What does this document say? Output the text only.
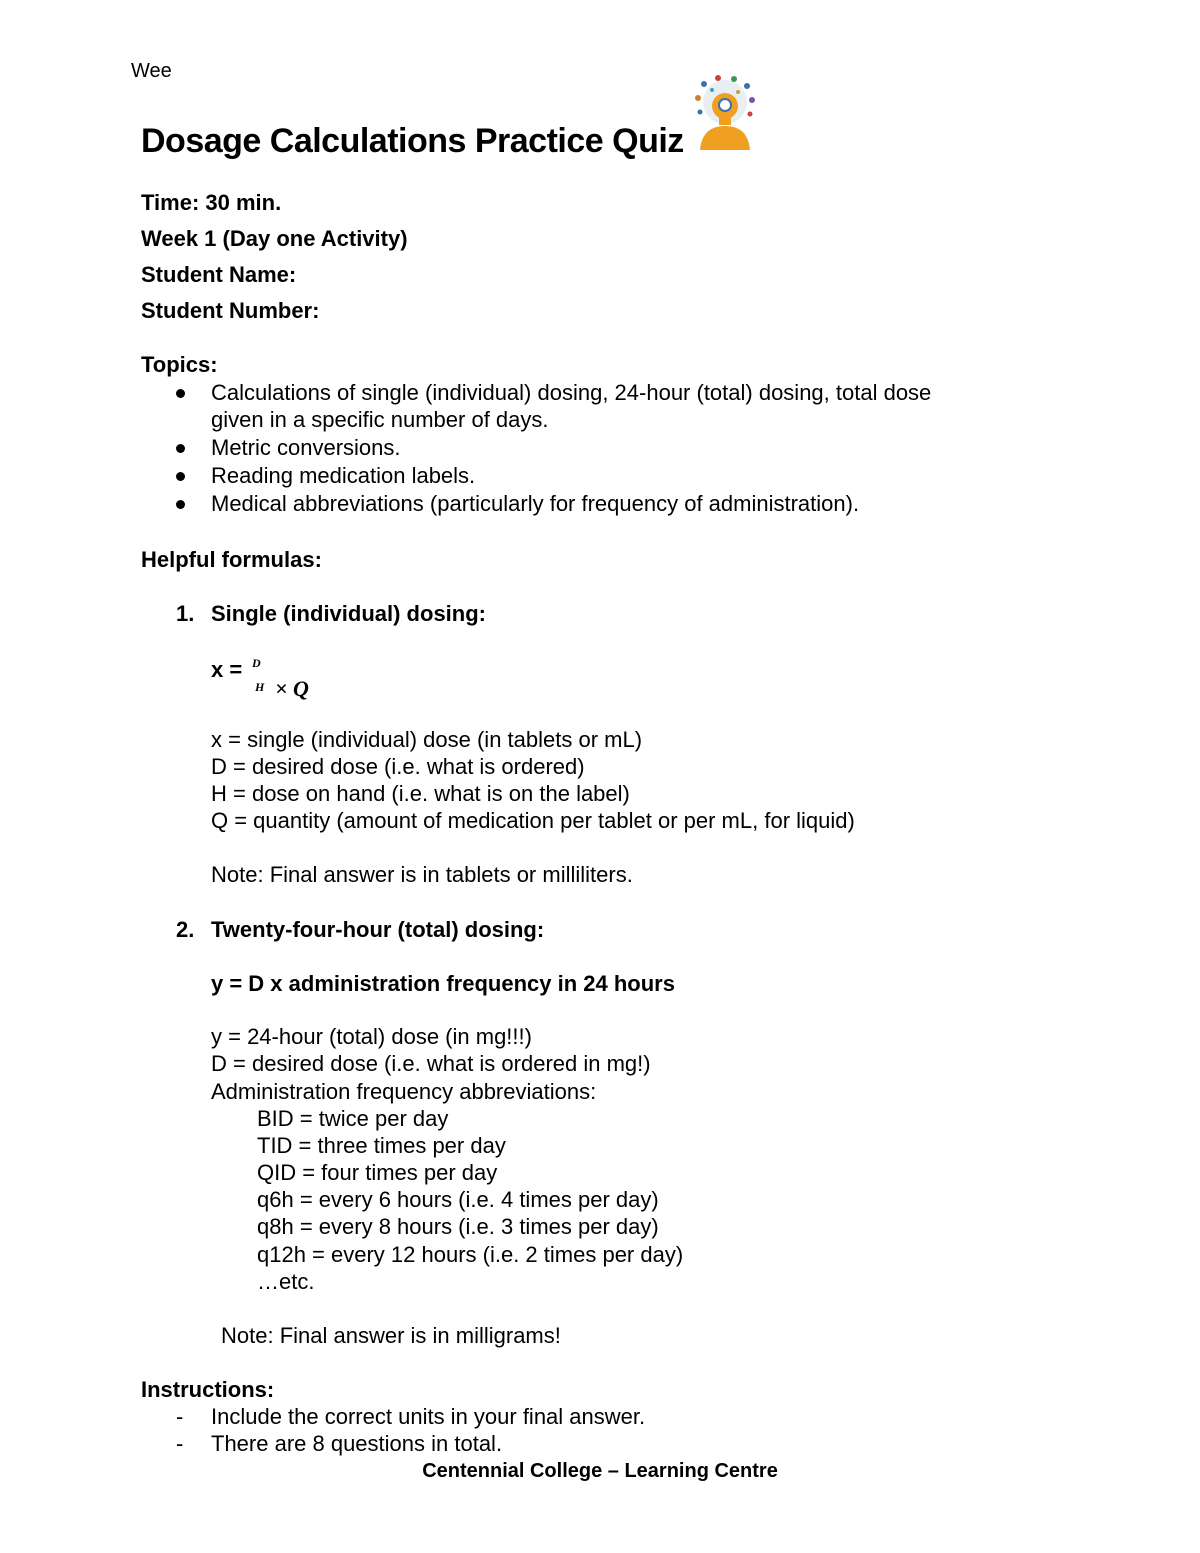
Wee
Dosage Calculations Practice Quiz
Time: 30 min.
Week 1 (Day one Activity)
Student Name:
Student Number:
Topics:
Calculations of single (individual) dosing, 24-hour (total) dosing, total dose
given in a specific number of days.
Metric conversions.
Reading medication labels.
Medical abbreviations (particularly for frequency of administration).
Helpful formulas:
1. Single (individual) dosing:
x = D
H × Q
x = single (individual) dose (in tablets or mL)
D = desired dose (i.e. what is ordered)
H = dose on hand (i.e. what is on the label)
Q = quantity (amount of medication per tablet or per mL, for liquid)
Note: Final answer is in tablets or milliliters.
2. Twenty-four-hour (total) dosing:
y = D x administration frequency in 24 hours
y = 24-hour (total) dose (in mg!!!)
D = desired dose (i.e. what is ordered in mg!)
Administration frequency abbreviations:
BID = twice per day
TID = three times per day
QID = four times per day
q6h = every 6 hours (i.e. 4 times per day)
q8h = every 8 hours (i.e. 3 times per day)
q12h = every 12 hours (i.e. 2 times per day)
…etc.
Note: Final answer is in milligrams!
Instructions:
- Include the correct units in your final answer.
- There are 8 questions in total.
Centennial College – Learning Centre
